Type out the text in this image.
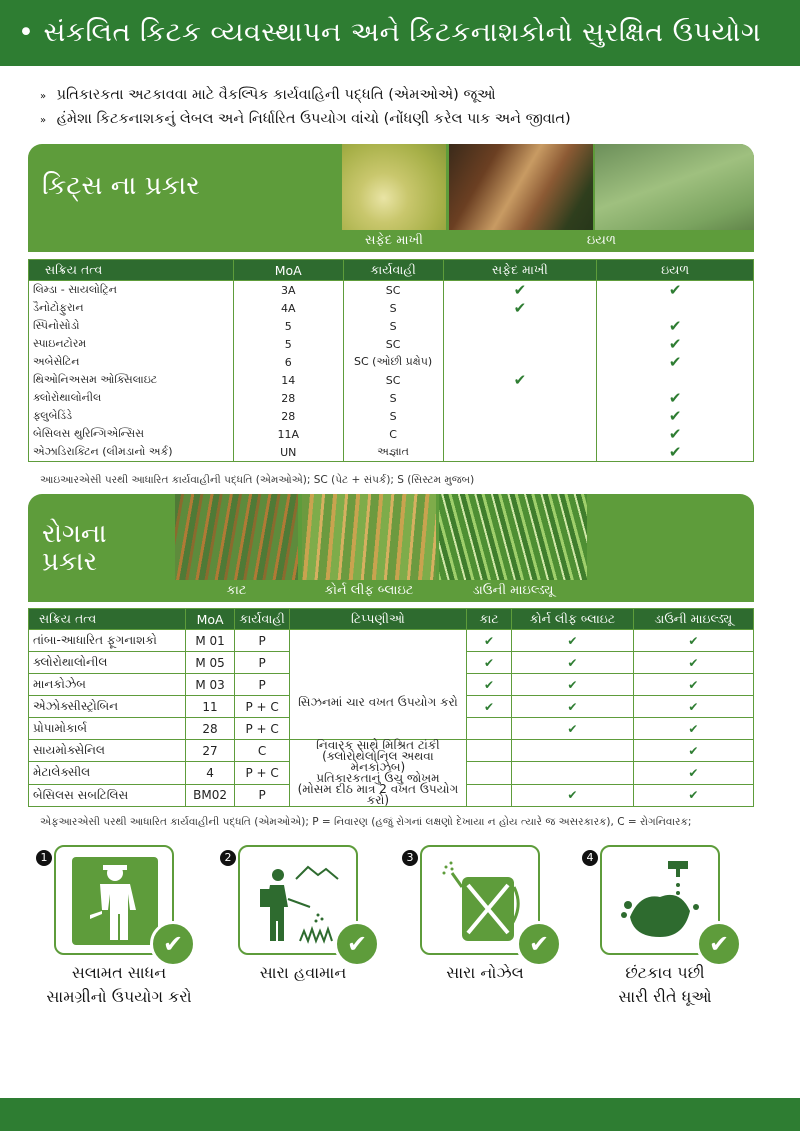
• સંકલિત કિટક વ્યવસ્થાપન અને કિટકનાશકોનો સુરક્ષિત ઉપયોગ
» પ્રતિકારકતા અટકાવવા માટે વૈકલ્પિક કાર્યવાહિની પદ્ધતિ (એમઓએ) જૂઓ
» હંમેશા કિટકનાશકનું લેબલ અને નિર્ધારિત ઉપયોગ વાંચો (નોંધણી કરેલ પાક અને જીવાત)
કિટ્સ ના પ્રકાર
સફેદ માખી	ઇયળ
સક્રિય તત્વ	MoA	કાર્યવાહી	સફેદ માખી	ઇયળ
લિમ્ડા - સાયલોટ્રિન	3A	SC	✔	✔
ડૈનોટોફુરાન	4A	S	✔	
સ્પિનોસોડો	5	S		✔
સ્પાઇનટોરમ	5	SC		✔
અબેસેટિન	6	SC (ઓછી પ્રક્ષેપ)		✔
થિઓનિઅસમ ઓક્સિલાઇટ	14	SC	✔	
ક્લોરોથાલોનીલ	28	S		✔
ફ્લુબેડિંડે	28	S		✔
બેસિલસ થુરિન્ગિએન્સિસ	11A	C		✔
એઝાડિરાક્ટિન (લીમડાનો અર્ક)	UN	અજ્ઞાત		✔
આઇઆરએસી પરથી આધારિત કાર્યવાહીની પદ્ધતિ (એમઓએ); SC (પેટ + સંપર્ક); S (સિસ્ટમ મુજબ)
રોગના
પ્રકાર
કાટ	કોર્ન લીફ બ્લાઇટ	ડાઉની માઇલ્ડ્યૂ
સક્રિય તત્વ	MoA	કાર્યવાહી	ટિપ્પણીઓ	કાટ	કોર્ન લીફ બ્લાઇટ	ડાઉની માઇલ્ડ્યૂ
તાંબા-આધારિત ફૂગનાશકો	M 01	P	સિઝનમાં ચાર વખત ઉપયોગ કરો	✔	✔	✔
ક્લોરોથાલોનીલ	M 05	P		✔	✔	✔
માનકોઝેબ	M 03	P		✔	✔	✔
એઝોક્સીસ્ટ્રોબિન	11	P + C		✔	✔	✔
પ્રોપામોકાર્બ	28	P + C			✔	✔
સાયમોક્સેનિલ	27	C	નિવારક સાથે મિશ્રિત ટાંકી
(ક્લોરોથેલોનિલ અથવા મેનકોઝેબ)
પ્રતિકારકતાનું ઉંચુ જોખમ
(મોસમ દીઠ માત્ર 2 વખત ઉપયોગ કરો)			✔
મેટાલેક્સીલ	4	P + C				✔
બેસિલસ સબટિલિસ	BM02	P			✔	✔
એફઆરએસી પરથી આધારિત કાર્યવાહીની પદ્ધતિ (એમઓએ); P = નિવારણ (હજું રોગનાં લક્ષણો દેખાયા ન હોય ત્યારે જ અસરકારક), C = રોગનિવારક;
1
✔
સલામત સાધન
સામગ્રીનો ઉપયોગ કરો
2
✔
સારા હવામાન
3
✔
સારા નોઝેલ
4
✔
છંટકાવ પછી
સારી રીતે ધૂઓ
